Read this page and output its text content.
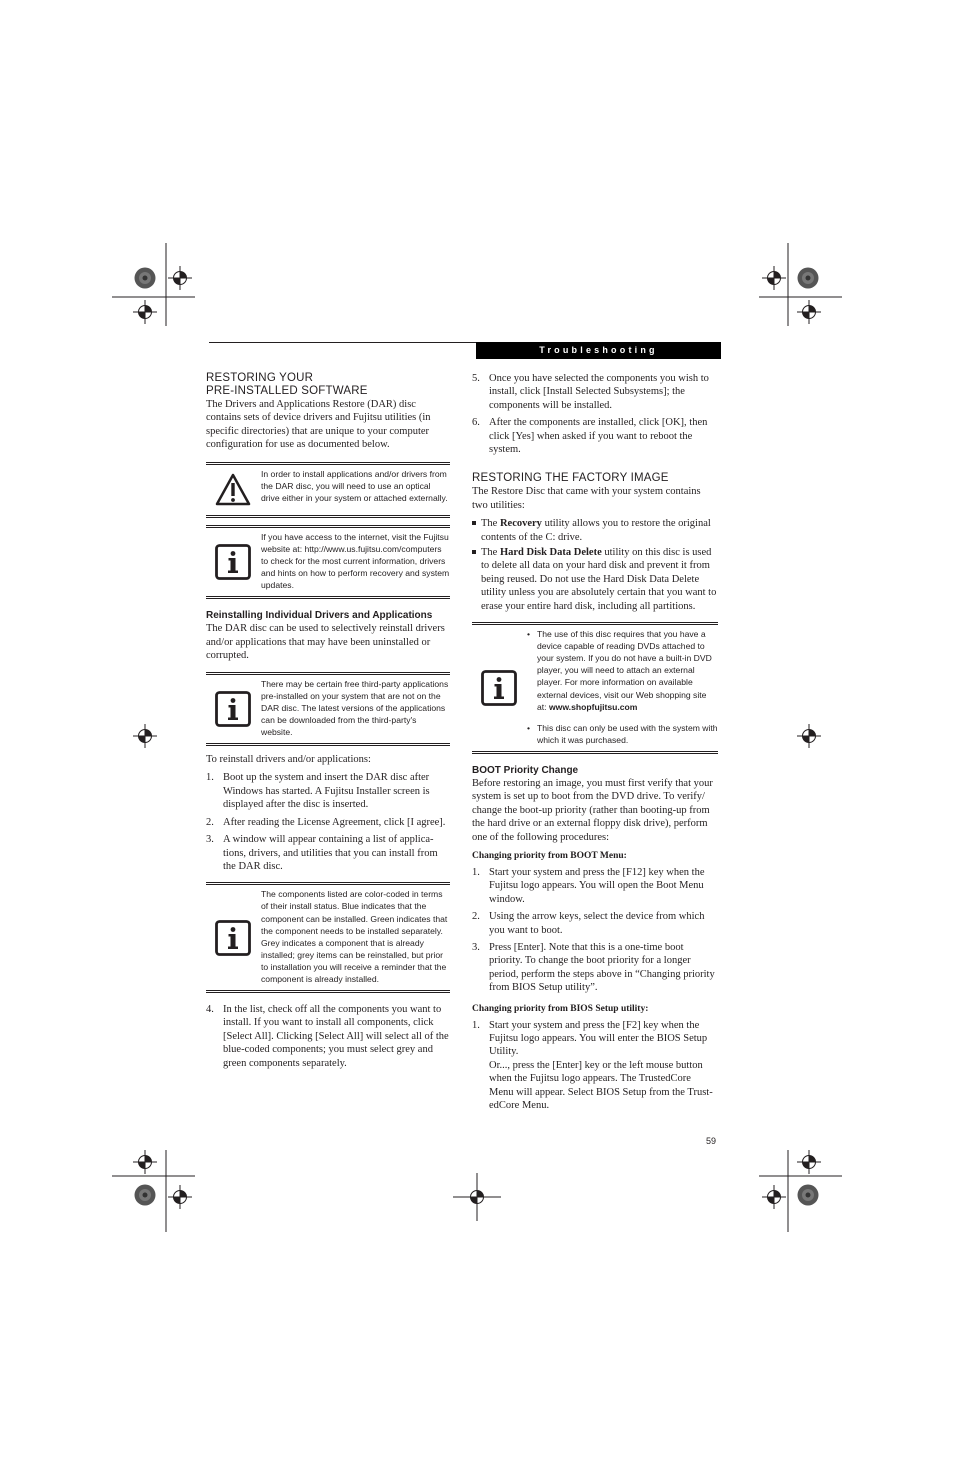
Troubleshooting
RESTORING YOUR
PRE-INSTALLED SOFTWARE

The Drivers and Applications Restore (DAR) disc contains sets of device drivers and Fujitsu utilities (in specific directories) that are unique to your computer configuration for use as documented below.

In order to install applications and/or drivers from the DAR disc, you will need to use an optical drive either in your system or attached externally.
If you have access to the internet, visit the Fujitsu website at: http://www.us.fujitsu.com/computers to check for the most current information, drivers and hints on how to perform recovery and system updates.
Reinstalling Individual Drivers and Applications

The DAR disc can be used to selectively reinstall drivers and/or applications that may have been uninstalled or corrupted.

There may be certain free third-party applications pre-installed on your system that are not on the DAR disc. The latest versions of the applications can be downloaded from the third-party's website.

To reinstall drivers and/or applications:

1. Boot up the system and insert the DAR disc after Windows has started. A Fujitsu Installer screen is displayed after the disc is inserted.
2. After reading the License Agreement, click [I agree].
3. A window will appear containing a list of applica-tions, drivers, and utilities that you can install from the DAR disc.
The components listed are color-coded in terms of their install status. Blue indicates that the component can be installed. Green indicates that the component needs to be installed separately. Grey indicates a component that is already installed; grey items can be reinstalled, but prior to installation you will receive a reminder that the component is already installed.
4. In the list, check off all the components you want to install. If you want to install all components, click [Select All]. Clicking [Select All] will select all of the blue-coded components; you must select grey and green components separately.
5. Once you have selected the components you wish to install, click [Install Selected Subsystems]; the components will be installed.
6. After the components are installed, click [OK], then click [Yes] when asked if you want to reboot the system.
RESTORING THE FACTORY IMAGE

The Restore Disc that came with your system contains two utilities:

The Recovery utility allows you to restore the original contents of the C: drive.
The Hard Disk Data Delete utility on this disc is used to delete all data on your hard disk and prevent it from being reused. Do not use the Hard Disk Data Delete utility unless you are absolutely certain that you want to erase your entire hard disk, including all partitions.
• The use of this disc requires that you have a device capable of reading DVDs attached to your system. If you do not have a built-in DVD player, you will need to attach an external player. For more information on available external devices, visit our Web shopping site at: www.shopfujitsu.com
• This disc can only be used with the system with which it was purchased.
BOOT Priority Change

Before restoring an image, you must first verify that your system is set up to boot from the DVD drive. To verify/ change the boot-up priority (rather than booting-up from the hard drive or an external floppy disk drive), perform one of the following procedures:

Changing priority from BOOT Menu:

1. Start your system and press the [F12] key when the Fujitsu logo appears. You will open the Boot Menu window.
2. Using the arrow keys, select the device from which you want to boot.
3. Press [Enter]. Note that this is a one-time boot priority. To change the boot priority for a longer period, perform the steps above in “Changing priority from BIOS Setup utility”.

Changing priority from BIOS Setup utility:

1. Start your system and press the [F2] key when the Fujitsu logo appears. You will enter the BIOS Setup Utility.
Or..., press the [Enter] key or the left mouse button when the Fujitsu logo appears. The TrustedCore Menu will appear. Select BIOS Setup from the Trust-edCore Menu.
59
